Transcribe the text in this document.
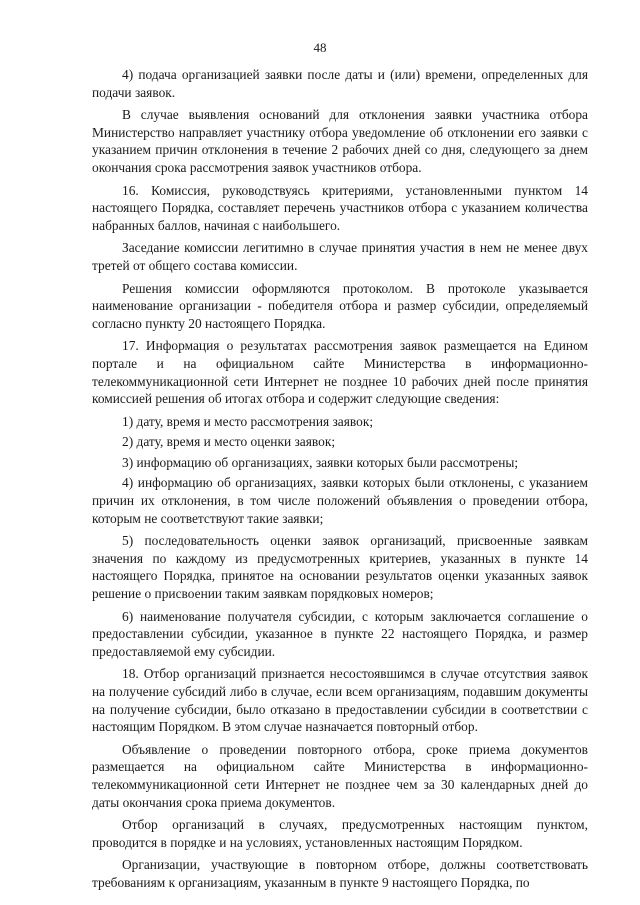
48

4) подача организацией заявки после даты и (или) времени, определенных для подачи заявок.

В случае выявления оснований для отклонения заявки участника отбора Министерство направляет участнику отбора уведомление об отклонении его заявки с указанием причин отклонения в течение 2 рабочих дней со дня, следующего за днем окончания срока рассмотрения заявок участников отбора.

16. Комиссия, руководствуясь критериями, установленными пунктом 14 настоящего Порядка, составляет перечень участников отбора с указанием количества набранных баллов, начиная с наибольшего.

Заседание комиссии легитимно в случае принятия участия в нем не менее двух третей от общего состава комиссии.

Решения комиссии оформляются протоколом. В протоколе указывается наименование организации - победителя отбора и размер субсидии, определяемый согласно пункту 20 настоящего Порядка.

17. Информация о результатах рассмотрения заявок размещается на Едином портале и на официальном сайте Министерства в информационно-телекоммуникационной сети Интернет не позднее 10 рабочих дней после принятия комиссией решения об итогах отбора и содержит следующие сведения:

1) дату, время и место рассмотрения заявок;

2) дату, время и место оценки заявок;

3) информацию об организациях, заявки которых были рассмотрены;

4) информацию об организациях, заявки которых были отклонены, с указанием причин их отклонения, в том числе положений объявления о проведении отбора, которым не соответствуют такие заявки;

5) последовательность оценки заявок организаций, присвоенные заявкам значения по каждому из предусмотренных критериев, указанных в пункте 14 настоящего Порядка, принятое на основании результатов оценки указанных заявок решение о присвоении таким заявкам порядковых номеров;

6) наименование получателя субсидии, с которым заключается соглашение о предоставлении субсидии, указанное в пункте 22 настоящего Порядка, и размер предоставляемой ему субсидии.

18. Отбор организаций признается несостоявшимся в случае отсутствия заявок на получение субсидий либо в случае, если всем организациям, подавшим документы на получение субсидии, было отказано в предоставлении субсидии в соответствии с настоящим Порядком. В этом случае назначается повторный отбор.

Объявление о проведении повторного отбора, сроке приема документов размещается на официальном сайте Министерства в информационно-телекоммуникационной сети Интернет не позднее чем за 30 календарных дней до даты окончания срока приема документов.

Отбор организаций в случаях, предусмотренных настоящим пунктом, проводится в порядке и на условиях, установленных настоящим Порядком.

Организации, участвующие в повторном отборе, должны соответствовать требованиям к организациям, указанным в пункте 9 настоящего Порядка, по
